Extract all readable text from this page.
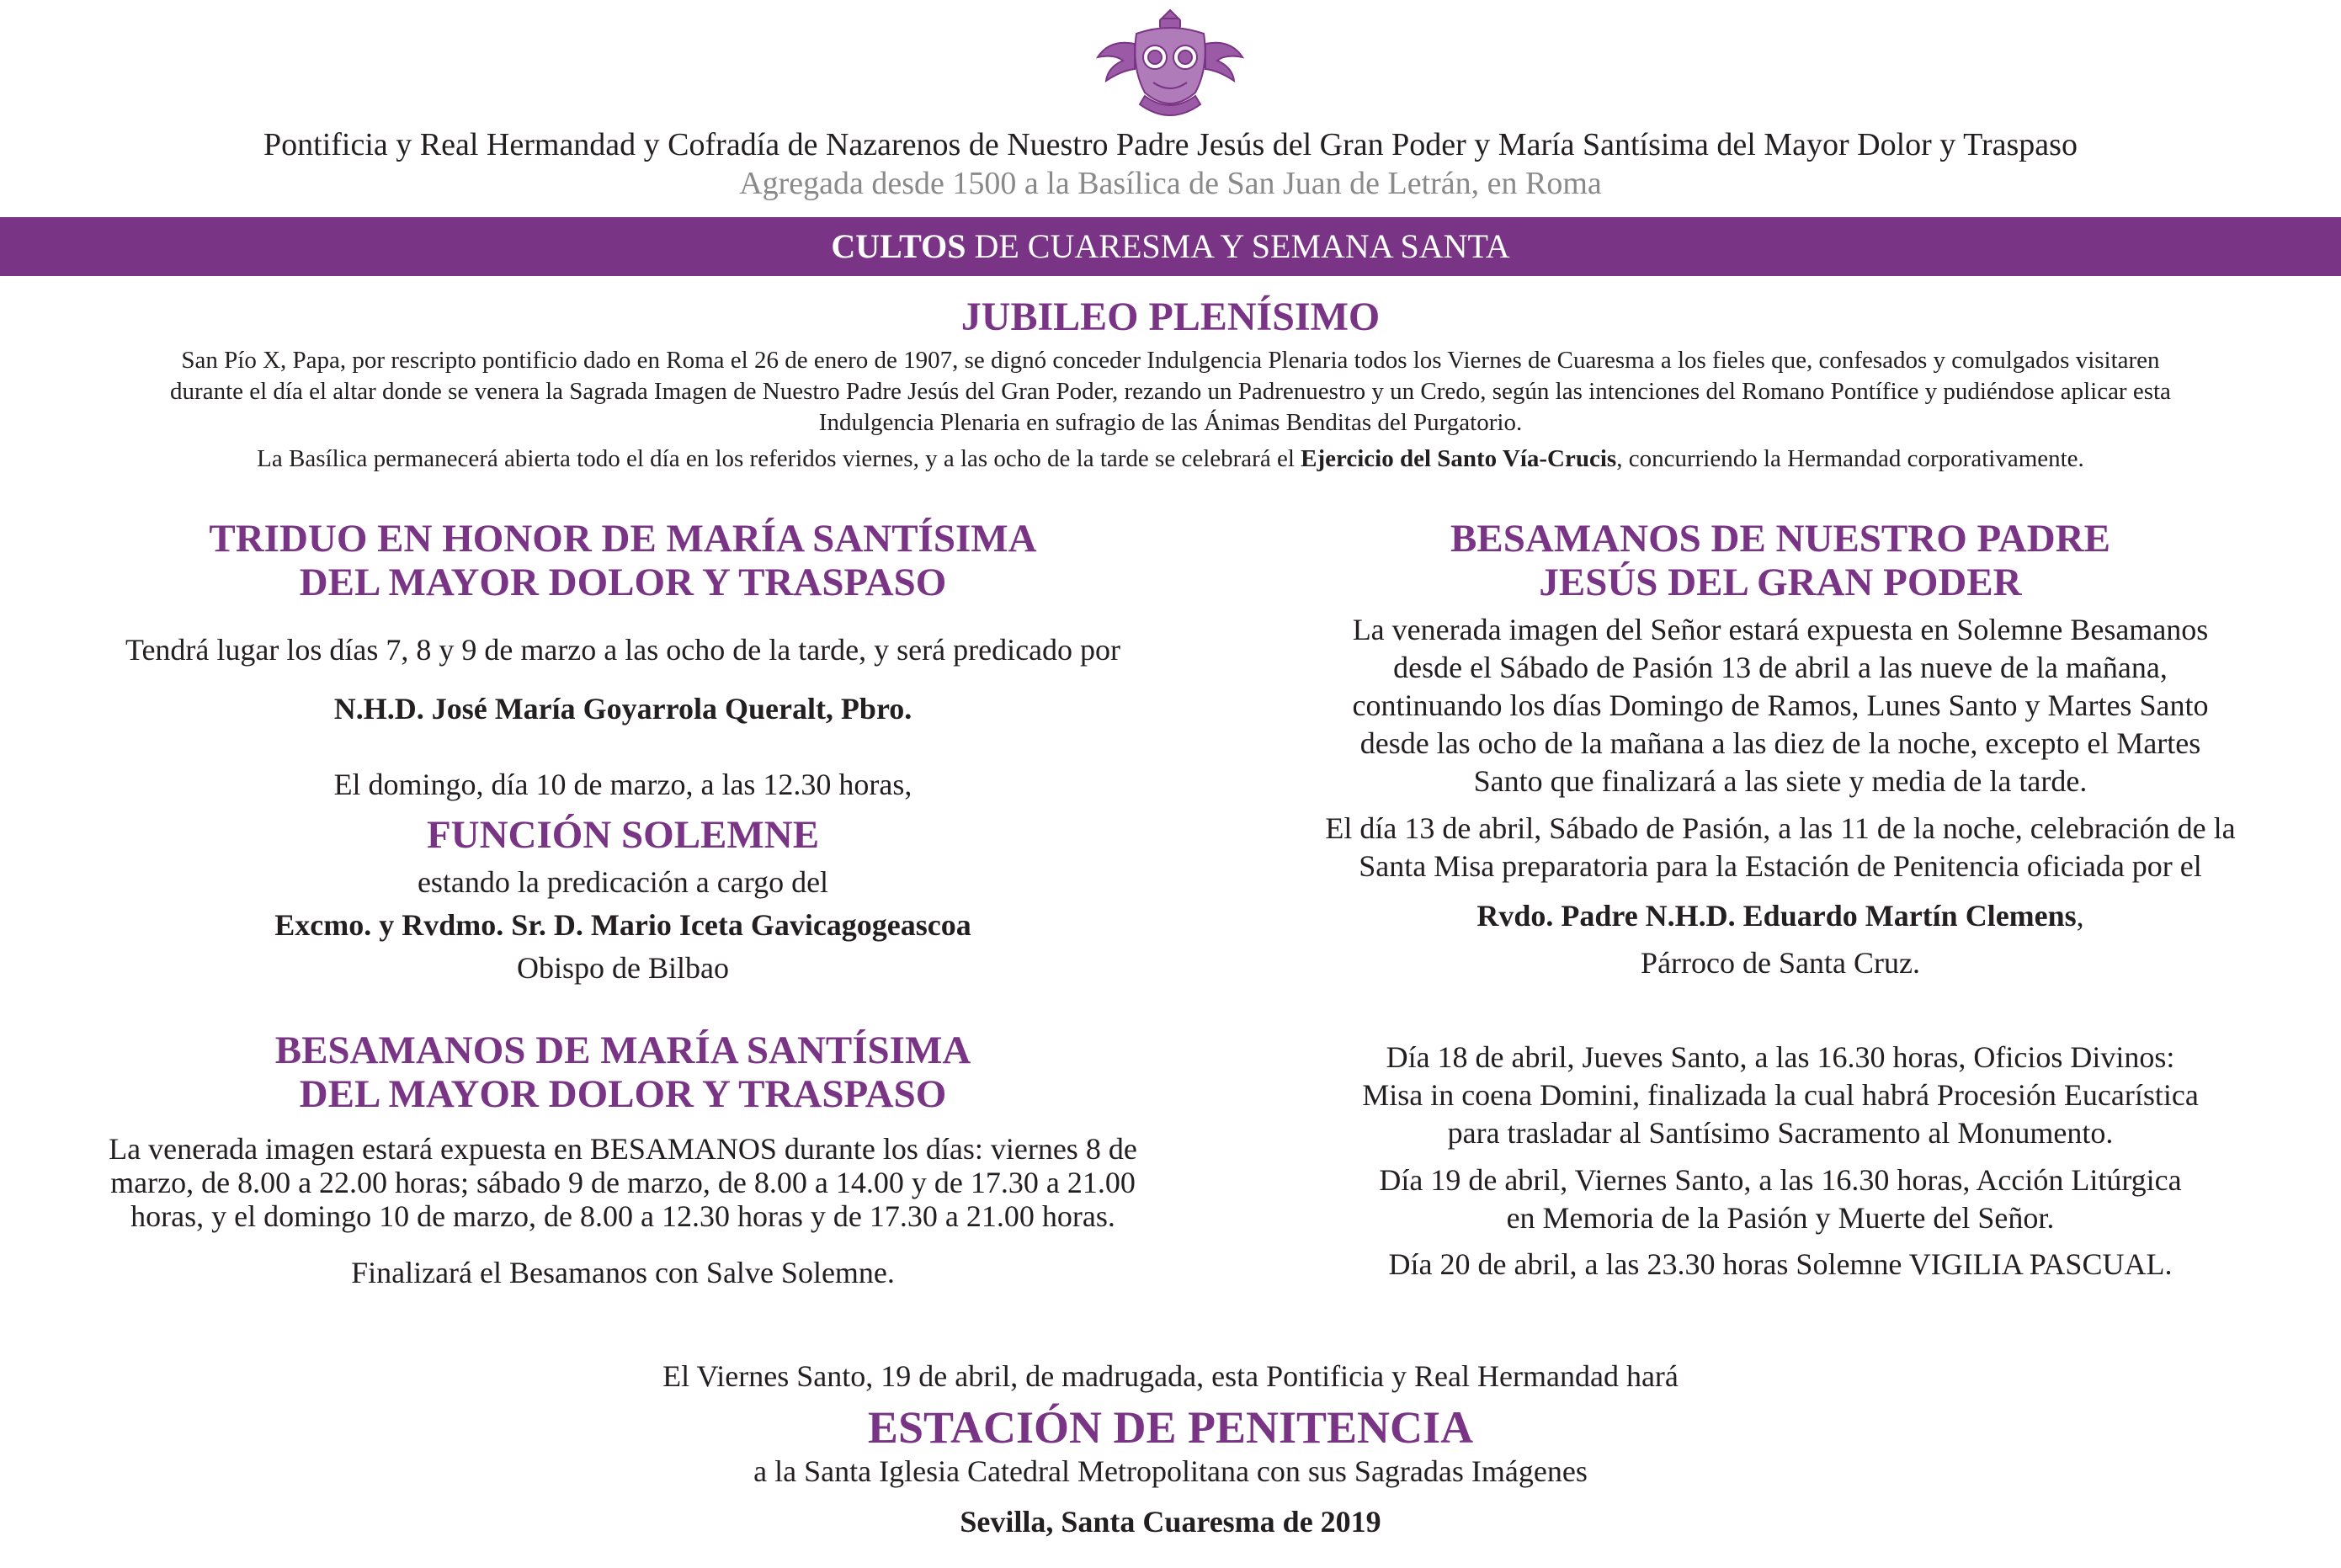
Pontificia y Real Hermandad y Cofradía de Nazarenos de Nuestro Padre Jesús del Gran Poder y María Santísima del Mayor Dolor y Traspaso
Agregada desde 1500 a la Basílica de San Juan de Letrán, en Roma
CULTOS DE CUARESMA Y SEMANA SANTA
JUBILEO PLENÍSIMO
San Pío X, Papa, por rescripto pontificio dado en Roma el 26 de enero de 1907, se dignó conceder Indulgencia Plenaria todos los Viernes de Cuaresma a los fieles que, confesados y comulgados visitaren
durante el día el altar donde se venera la Sagrada Imagen de Nuestro Padre Jesús del Gran Poder, rezando un Padrenuestro y un Credo, según las intenciones del Romano Pontífice y pudiéndose aplicar esta
Indulgencia Plenaria en sufragio de las Ánimas Benditas del Purgatorio.
La Basílica permanecerá abierta todo el día en los referidos viernes, y a las ocho de la tarde se celebrará el Ejercicio del Santo Vía-Crucis, concurriendo la Hermandad corporativamente.
TRIDUO EN HONOR DE MARÍA SANTÍSIMA
DEL MAYOR DOLOR Y TRASPASO
Tendrá lugar los días 7, 8 y 9 de marzo a las ocho de la tarde, y será predicado por
N.H.D. José María Goyarrola Queralt, Pbro.
El domingo, día 10 de marzo, a las 12.30 horas,
FUNCIÓN SOLEMNE
estando la predicación a cargo del
Excmo. y Rvdmo. Sr. D. Mario Iceta Gavicagogeascoa
Obispo de Bilbao
BESAMANOS DE MARÍA SANTÍSIMA
DEL MAYOR DOLOR Y TRASPASO
La venerada imagen estará expuesta en BESAMANOS durante los días: viernes 8 de
marzo, de 8.00 a 22.00 horas; sábado 9 de marzo, de 8.00 a 14.00 y de 17.30 a 21.00
horas, y el domingo 10 de marzo, de 8.00 a 12.30 horas y de 17.30 a 21.00 horas.
Finalizará el Besamanos con Salve Solemne.
BESAMANOS DE NUESTRO PADRE
JESÚS DEL GRAN PODER
La venerada imagen del Señor estará expuesta en Solemne Besamanos
desde el Sábado de Pasión 13 de abril a las nueve de la mañana,
continuando los días Domingo de Ramos, Lunes Santo y Martes Santo
desde las ocho de la mañana a las diez de la noche, excepto el Martes
Santo que finalizará a las siete y media de la tarde.
El día 13 de abril, Sábado de Pasión, a las 11 de la noche, celebración de la
Santa Misa preparatoria para la Estación de Penitencia oficiada por el
Rvdo. Padre N.H.D. Eduardo Martín Clemens,
Párroco de Santa Cruz.
Día 18 de abril, Jueves Santo, a las 16.30 horas, Oficios Divinos:
Misa in coena Domini, finalizada la cual habrá Procesión Eucarística
para trasladar al Santísimo Sacramento al Monumento.
Día 19 de abril, Viernes Santo, a las 16.30 horas, Acción Litúrgica
en Memoria de la Pasión y Muerte del Señor.
Día 20 de abril, a las 23.30 horas Solemne VIGILIA PASCUAL.
El Viernes Santo, 19 de abril, de madrugada, esta Pontificia y Real Hermandad hará
ESTACIÓN DE PENITENCIA
a la Santa Iglesia Catedral Metropolitana con sus Sagradas Imágenes
Sevilla, Santa Cuaresma de 2019
